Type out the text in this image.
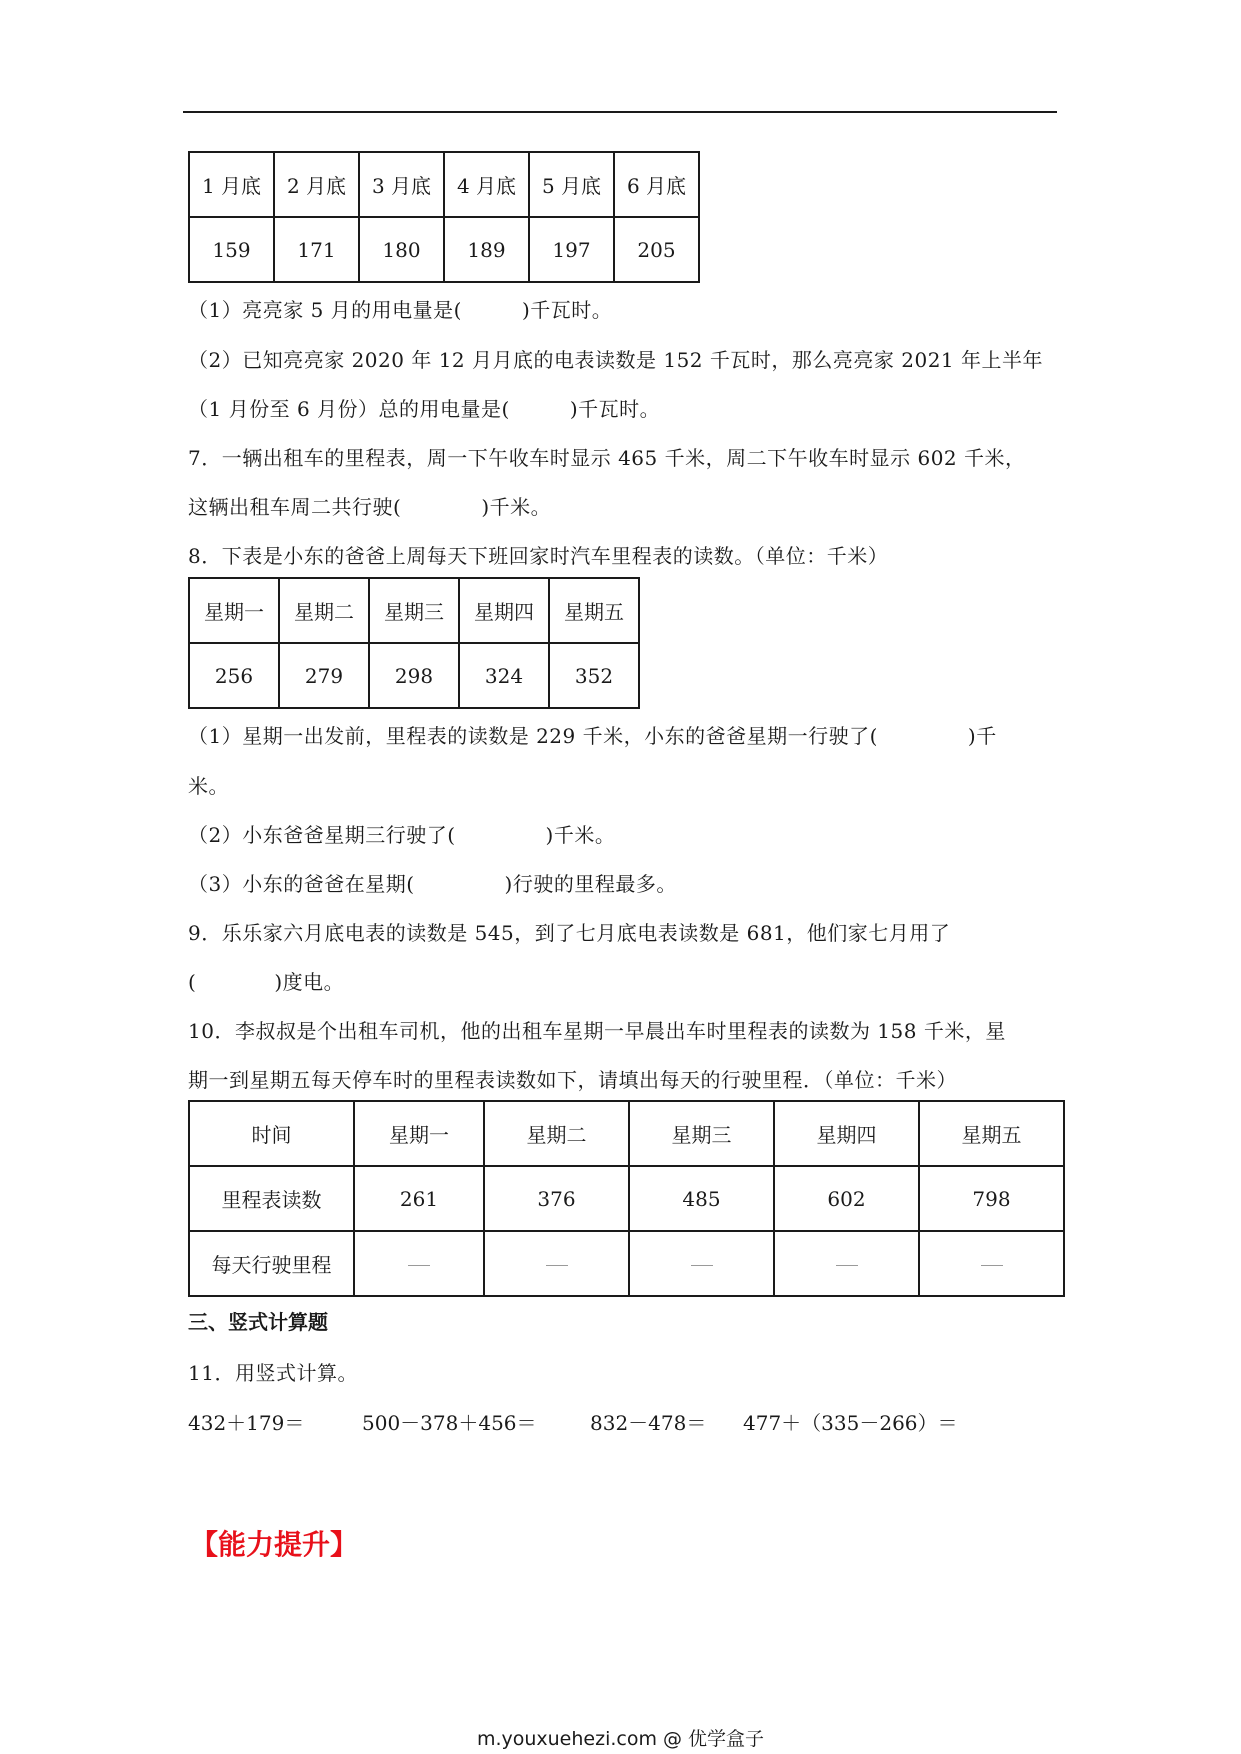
1 月底	2 月底	3 月底	4 月底	5 月底	6 月底
159	171	180	189	197	205
（1）亮亮家 5 月的用电量是(	)千瓦时。
（2）已知亮亮家 2020 年 12 月月底的电表读数是 152 千瓦时，那么亮亮家 2021 年上半年
（1 月份至 6 月份）总的用电量是(	)千瓦时。
7．一辆出租车的里程表，周一下午收车时显示 465 千米，周二下午收车时显示 602 千米，
这辆出租车周二共行驶(	)千米。
8．下表是小东的爸爸上周每天下班回家时汽车里程表的读数。（单位：千米）
星期一	星期二	星期三	星期四	星期五
256	279	298	324	352
（1）星期一出发前，里程表的读数是 229 千米，小东的爸爸星期一行驶了(	)千
米。
（2）小东爸爸星期三行驶了(	)千米。
（3）小东的爸爸在星期(	)行驶的里程最多。
9．乐乐家六月底电表的读数是 545，到了七月底电表读数是 681，他们家七月用了
(	)度电。
10．李叔叔是个出租车司机，他的出租车星期一早晨出车时里程表的读数为 158 千米，星
期一到星期五每天停车时的里程表读数如下，请填出每天的行驶里程．（单位：千米）
时间	星期一	星期二	星期三	星期四	星期五
里程表读数	261	376	485	602	798
每天行驶里程					
三、竖式计算题
11．用竖式计算。
432＋179＝	500－378＋456＝	832－478＝ 477＋（335－266）＝
【能力提升】
m.youxuehezi.com @ 优学盒子
